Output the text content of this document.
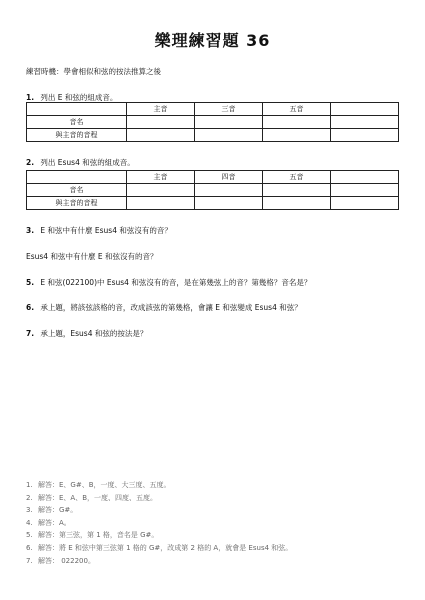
樂理練習題 36
練習時機：學會相似和弦的按法推算之後
1. 列出 E 和弦的組成音。
	主音	三音	五音	
音名				
與主音的音程				
2. 列出 Esus4 和弦的組成音。
	主音	四音	五音	
音名				
與主音的音程				
3. E 和弦中有什麼 Esus4 和弦沒有的音？
Esus4 和弦中有什麼 E 和弦沒有的音？
5. E 和弦(022100)中 Esus4 和弦沒有的音，是在第幾弦上的音？第幾格？音名是？
6. 承上題，將該弦該格的音，改成該弦的第幾格，會讓 E 和弦變成 Esus4 和弦？
7. 承上題，Esus4 和弦的按法是？
1. 解答：E、G#、B，一度、大三度、五度。
2. 解答：E、A、B，一度、四度、五度。
3. 解答：G#。
4. 解答：A。
5. 解答：第三弦，第 1 格，音名是 G#。
6. 解答：將 E 和弦中第三弦第 1 格的 G#，改成第 2 格的 A，就會是 Esus4 和弦。
7. 解答： 022200。
